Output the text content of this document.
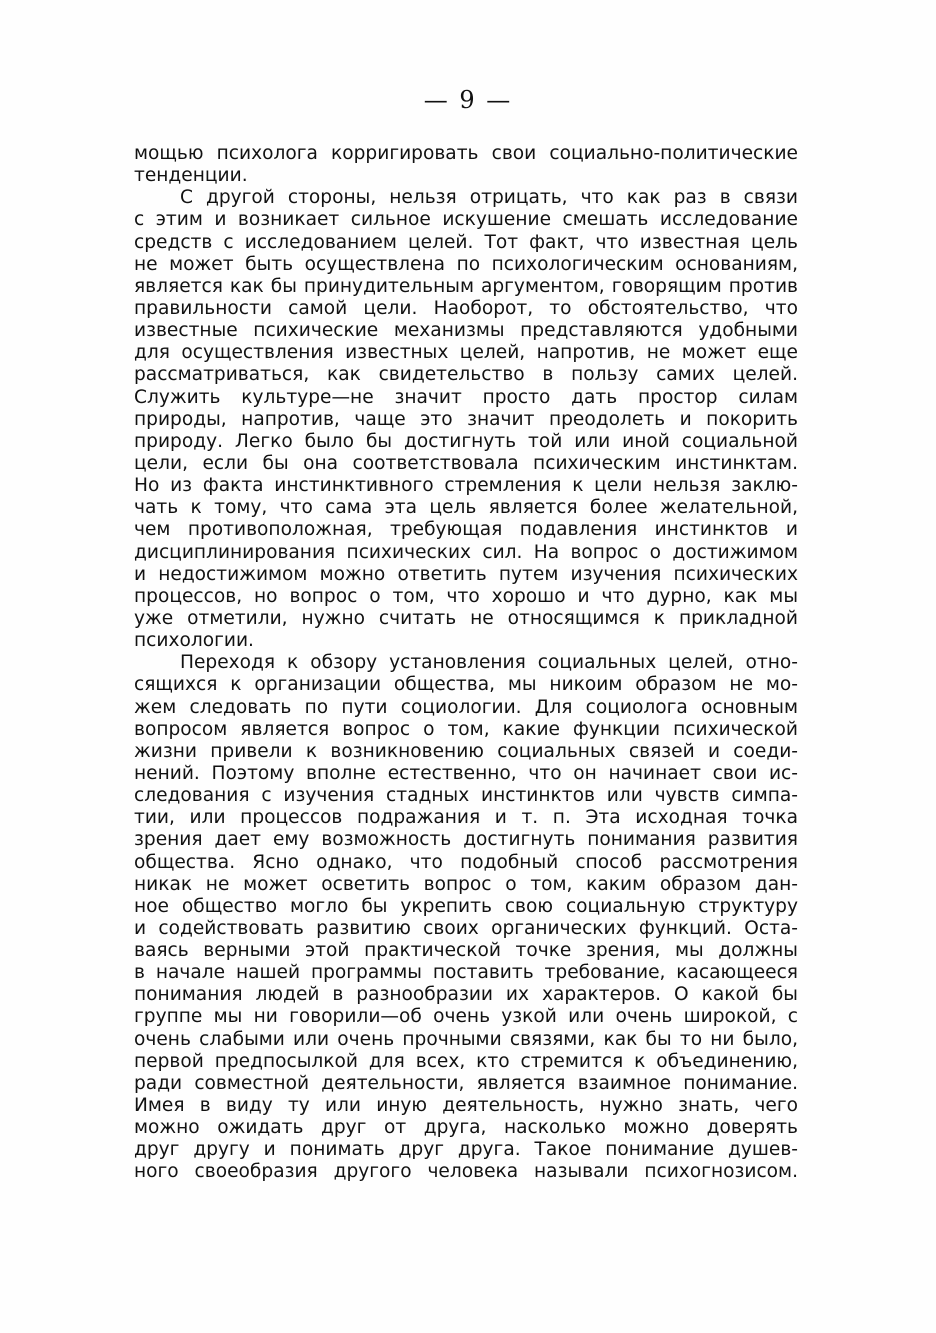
— 9 —
мощью психолога корригировать свои социально-политические
тенденции.
С другой стороны, нельзя отрицать, что как раз в связи
с этим и возникает сильное искушение смешать исследование
средств с исследованием целей. Тот факт, что известная цель
не может быть осуществлена по психологическим основаниям,
является как бы принудительным аргументом, говорящим против
правильности самой цели. Наоборот, то обстоятельство, что
известные психические механизмы представляются удобными
для осуществления известных целей, напротив, не может еще
рассматриваться, как свидетельство в пользу самих целей.
Служить культуре—не значит просто дать простор силам
природы, напротив, чаще это значит преодолеть и покорить
природу. Легко было бы достигнуть той или иной социальной
цели, если бы она соответствовала психическим инстинктам.
Но из факта инстинктивного стремления к цели нельзя заклю-
чать к тому, что сама эта цель является более желательной,
чем противоположная, требующая подавления инстинктов и
дисциплинирования психических сил. На вопрос о достижимом
и недостижимом можно ответить путем изучения психических
процессов, но вопрос о том, что хорошо и что дурно, как мы
уже отметили, нужно считать не относящимся к прикладной
психологии.
Переходя к обзору установления социальных целей, отно-
сящихся к организации общества, мы никоим образом не мо-
жем следовать по пути социологии. Для социолога основным
вопросом является вопрос о том, какие функции психической
жизни привели к возникновению социальных связей и соеди-
нений. Поэтому вполне естественно, что он начинает свои ис-
следования с изучения стадных инстинктов или чувств симпа-
тии, или процессов подражания и т. п. Эта исходная точка
зрения дает ему возможность достигнуть понимания развития
общества. Ясно однако, что подобный способ рассмотрения
никак не может осветить вопрос о том, каким образом дан-
ное общество могло бы укрепить свою социальную структуру
и содействовать развитию своих органических функций. Оста-
ваясь верными этой практической точке зрения, мы должны
в начале нашей программы поставить требование, касающееся
понимания людей в разнообразии их характеров. О какой бы
группе мы ни говорили—об очень узкой или очень широкой, с
очень слабыми или очень прочными связями, как бы то ни было,
первой предпосылкой для всех, кто стремится к объединению,
ради совместной деятельности, является взаимное понимание.
Имея в виду ту или иную деятельность, нужно знать, чего
можно ожидать друг от друга, насколько можно доверять
друг другу и понимать друг друга. Такое понимание душев-
ного своеобразия другого человека называли психогнозисом.
